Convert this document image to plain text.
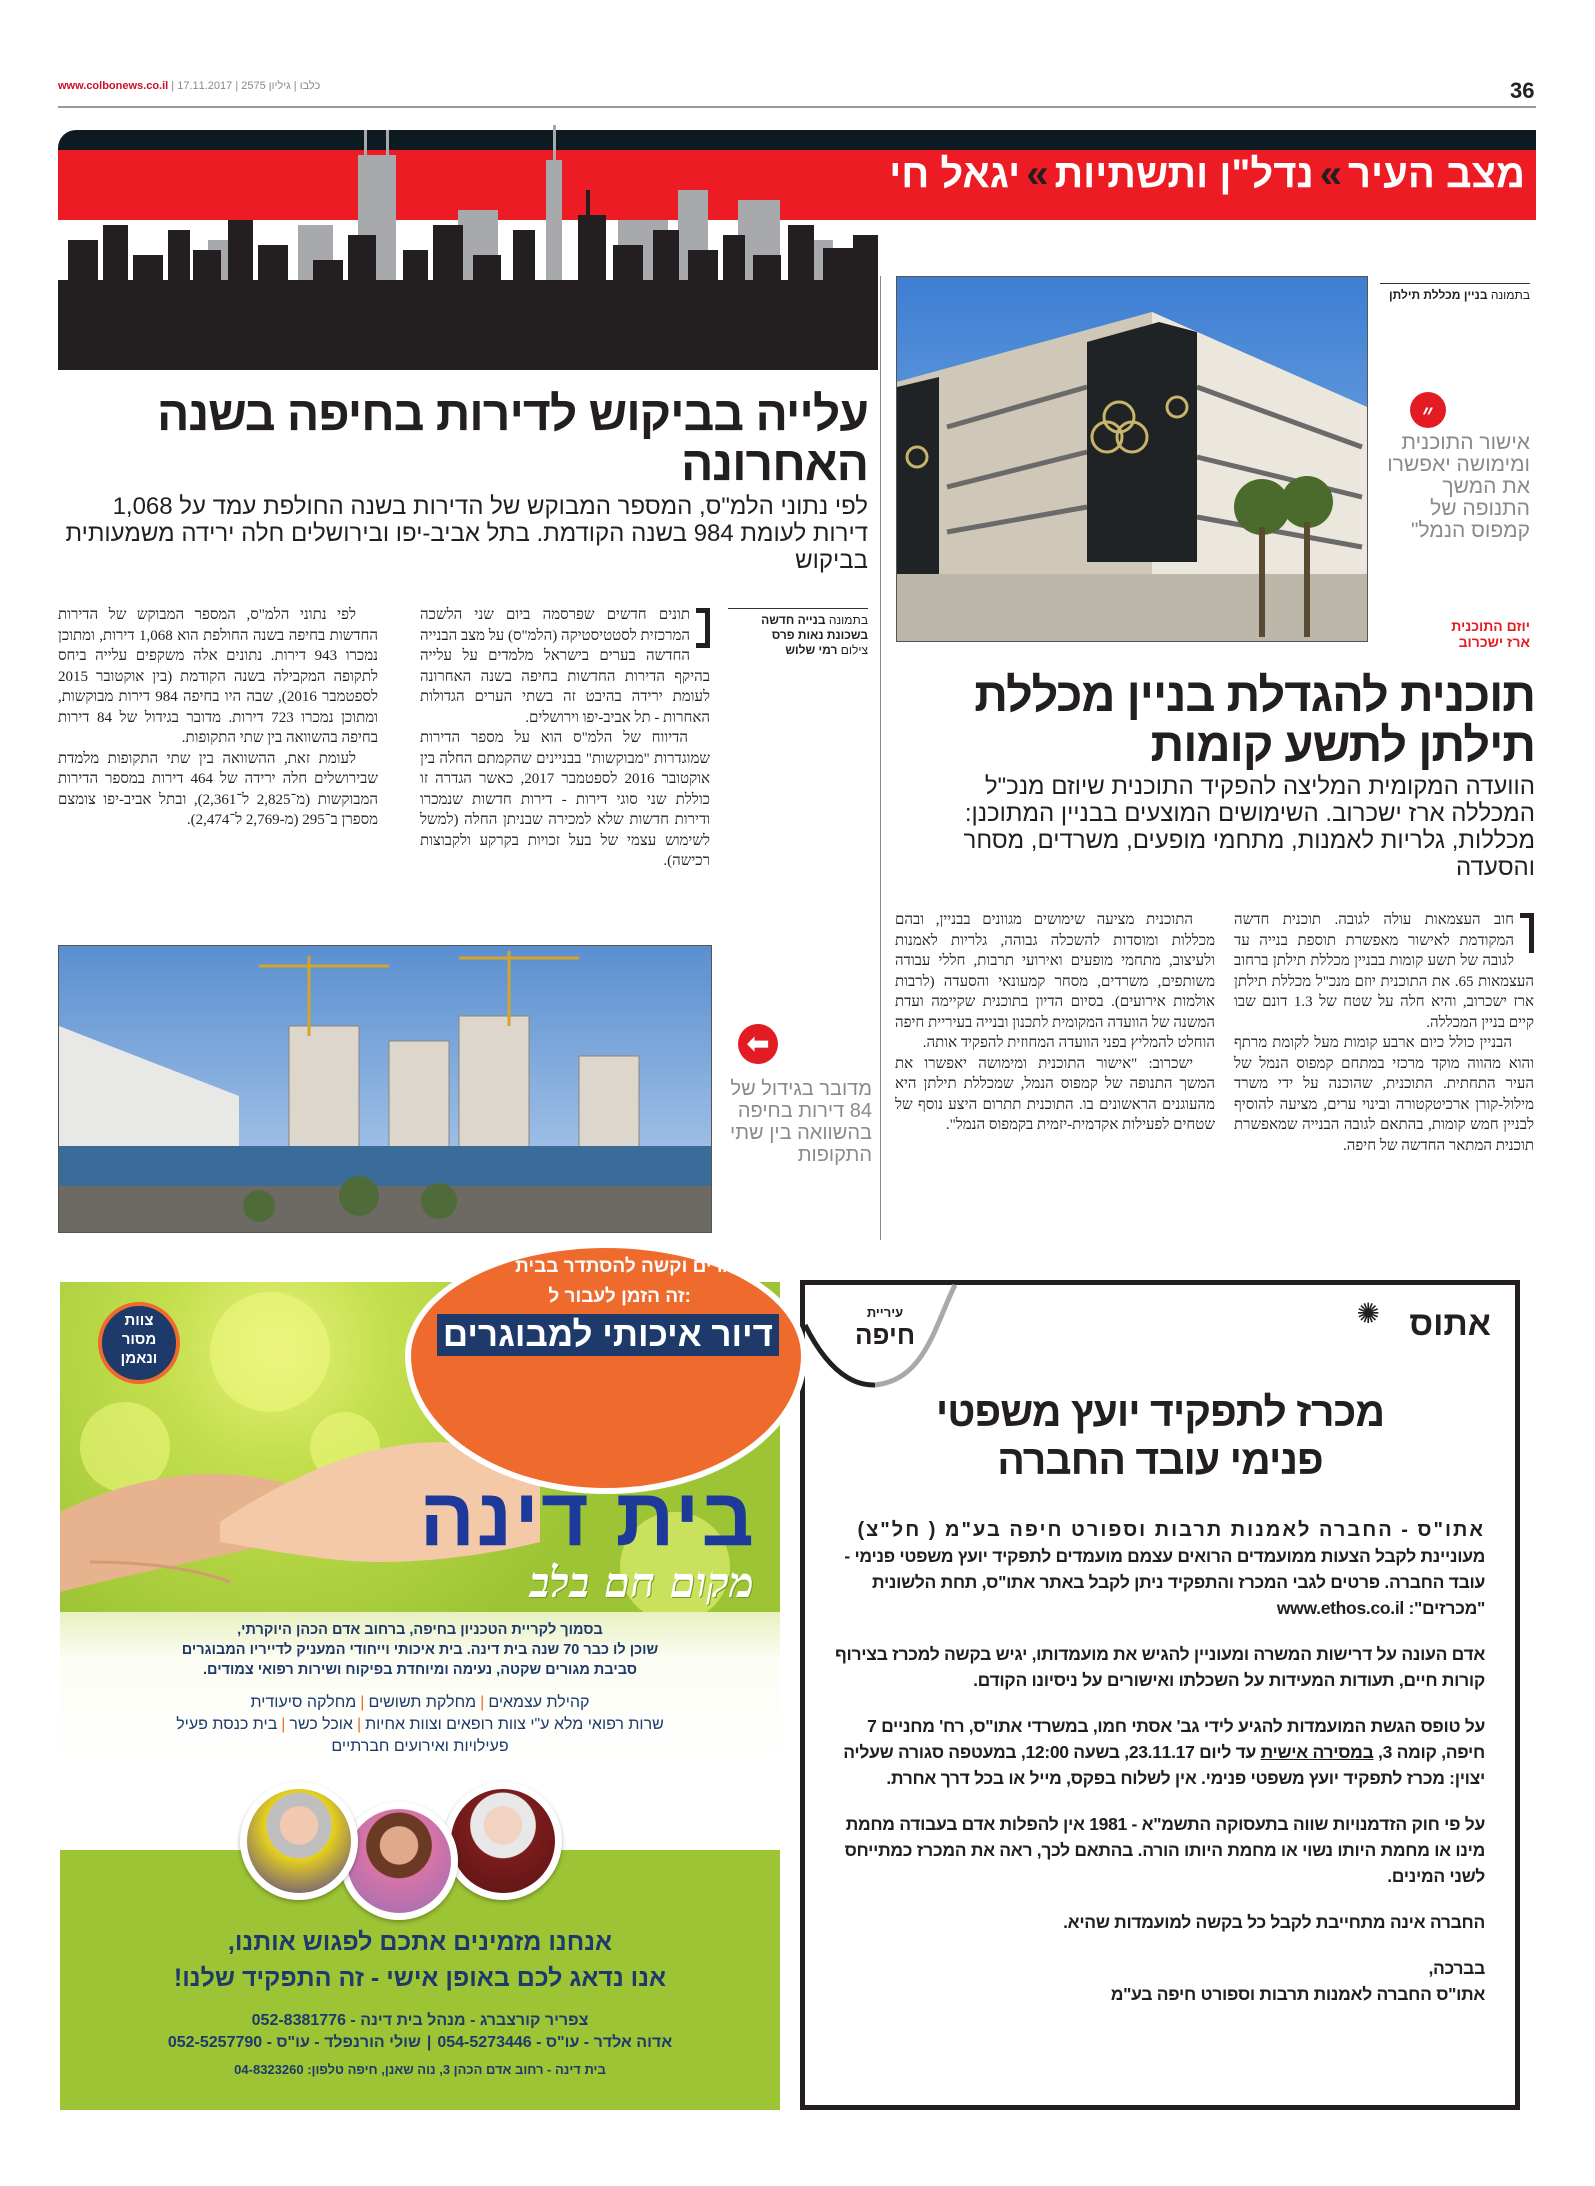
www.colbonews.co.il |	כלבו | גיליון 2575 | 17.11.2017	36
מצב העיר»נדל"ן ותשתיות»יגאל חי
בתמונה בניין מכללת תילתן
״
אישור התוכנית ומימושה יאפשרו את המשך התנופה של קמפוס הנמל"
יוזם התוכנית
ארז ישכרוב
תוכנית להגדלת בניין מכללת תילתן לתשע קומות
הוועדה המקומית המליצה להפקיד התוכנית שיוזם מנכ"ל המכללה ארז ישכרוב. השימושים המוצעים בבניין המתוכנן: מכללות, גלריות לאמנות, מתחמי מופעים, משרדים, מסחר והסעדה

חוב העצמאות עולה לגובה. תוכנית חדשה המקודמת לאישור מאפשרת תוספת בנייה עד לגובה של תשע קומות בבניין מכללת תילתן ברחוב העצמאות 65. את התוכנית יוזם מנכ"ל מכללת תילתן ארז ישכרוב, והיא חלה על שטח של 1.3 דונם שבו קיים בניין המכללה.

הבניין כולל כיום ארבע קומות מעל לקומת מרתף והוא מהווה מוקד מרכזי במתחם קמפוס הנמל של העיר התחתית. התוכנית, שהוכנה על ידי משרד מילול-קורן ארכיטקטורה ובינוי ערים, מציעה להוסיף לבניין חמש קומות, בהתאם לגובה הבנייה שמאפשרת תוכנית המתאר החדשה של חיפה.

התוכנית מציעה שימושים מגוונים בבניין, ובהם מכללות ומוסדות להשכלה גבוהה, גלריות לאמנות ולעיצוב, מתחמי מופעים ואירועי תרבות, חללי עבודה משותפים, משרדים, מסחר קמעונאי והסעדה (לרבות אולמות אירועים). בסיום הדיון בתוכנית שקיימה ועדת המשנה של הוועדה המקומית לתכנון ובנייה בעיריית חיפה הוחלט להמליץ בפני הוועדה המחוזית להפקיד אותה.

ישכרוב: "אישור התוכנית ומימושה יאפשרו את המשך התנופה של קמפוס הנמל, שמכללת תילתן היא מהעוגנים הראשונים בו. התוכנית תתרום היצע נוסף של שטחים לפעילות אקדמית-יזמית בקמפוס הנמל".

עלייה בביקוש לדירות בחיפה בשנה האחרונה
לפי נתוני הלמ"ס, המספר המבוקש של הדירות בשנה החולפת עמד על 1,068 דירות לעומת 984 בשנה הקודמת. בתל אביב-יפו ובירושלים חלה ירידה משמעותית בביקוש
בתמונה בנייה חדשה בשכונת נאות פרס
צילום רמי שלוש

תונים חדשים שפרסמה ביום שני הלשכה המרכזית לסטטיסטיקה (הלמ"ס) על מצב הבנייה החדשה בערים בישראל מלמדים על עלייה בהיקף הדירות החדשות בחיפה בשנה האחרונה לעומת ירידה בהיבט זה בשתי הערים הגדולות האחרות - תל אביב-יפו וירושלים.

הדיווח של הלמ"ס הוא על מספר הדירות שמוגדרות "מבוקשות" בבניינים שהקמתם החלה בין אוקטובר 2016 לספטמבר 2017, כאשר הגדרה זו כוללת שני סוגי דירות - דירות חדשות שנמכרו ודירות חדשות שלא למכירה שבניתן החלה (למשל לשימוש עצמי של בעל זכויות בקרקע ולקבוצות רכישה).

לפי נתוני הלמ"ס, המספר המבוקש של הדירות החדשות בחיפה בשנה החולפת הוא 1,068 דירות, ומתוכן נמכרו 943 דירות. נתונים אלה משקפים עלייה ביחס לתקופה המקבילה בשנה הקודמת (בין אוקטובר 2015 לספטמבר 2016), שבה היו בחיפה 984 דירות מבוקשות, ומתוכן נמכרו 723 דירות. מדובר בגידול של 84 דירות בחיפה בהשוואה בין שתי התקופות.

לעומת זאת, ההשוואה בין שתי התקופות מלמדת שבירושלים חלה ירידה של 464 דירות במספר הדירות המבוקשות (מ־2,825 ל־2,361), ובתל אביב-יפו צומצם מספרן ב־295 (מ-2,769 ל־2,474).

⬅
מדובר בגידול של 84 דירות בחיפה בהשוואה בין שתי התקופות
עיריית
חיפה
✺ אתוס
מכרז לתפקיד יועץ משפטי
פנימי עובד החברה

אתו"ס - החברה לאמנות תרבות וספורט חיפה בע"מ ( חל"צ)

מעוניינת לקבל הצעות ממועמדים הרואים עצמם מועמדים לתפקיד יועץ משפטי פנימי - עובד החברה. פרטים לגבי המכרז והתפקיד ניתן לקבל באתר אתו"ס, תחת הלשונית "מכרזים": www.ethos.co.il

אדם העונה על דרישות המשרה ומעוניין להגיש את מועמדותו, יגיש בקשה למכרז בצירוף קורות חיים, תעודות המעידות על השכלתו ואישורים על ניסיונו הקודם.

על טופס הגשת המועמדות להגיע לידי גב' אסתי חמו, במשרדי אתו"ס, רח' מחניים 7 חיפה, קומה 3, במסירה אישית עד ליום 23.11.17, בשעה 12:00, במעטפה סגורה שעליה יצוין: מכרז לתפקיד יועץ משפטי פנימי. אין לשלוח בפקס, מייל או בכל דרך אחרת.

על פי חוק הזדמנויות שווה בתעסוקה התשמ"א - 1981 אין להפלות אדם בעבודה מחמת מינו או מחמת היותו נשוי או מחמת היותו הורה. בהתאם לכך, ראה את המכרז כמתייחס לשני המינים.

החברה אינה מתחייבת לקבל כל בקשה למועמדות שהיא.

בברכה,
אתו"ס החברה לאמנות תרבות וספורט חיפה בע"מ
צוות
מסור
ונאמן
מבוגרים וקשה להסתדר בבית?
זה הזמן לעבור ל:
דיור איכותי למבוגרים
בית דינה
מקום חם בלב
בסמוך לקריית הטכניון בחיפה, ברחוב אדם הכהן היוקרתי,
שוכן לו כבר 70 שנה בית דינה. בית איכותי וייחודי המעניק לדייריו המבוגרים
סביבת מגורים שקטה, נעימה ומיוחדת בפיקוח ושירות רפואי צמודים.
קהילת עצמאים|מחלקת תשושים|מחלקה סיעודית
שרות רפואי מלא ע"י צוות רופאים וצוות אחיות|אוכל כשר|בית כנסת פעיל
פעילויות ואירועים חברתיים
אנחנו מזמינים אתכם לפגוש אותנו,
אנו נדאג לכם באופן אישי - זה התפקיד שלנו!
צפריר קורצברג - מנהל בית דינה - 052-8381776
אדוה אלדר - עו"ס - 054-5273446|שולי הורנפלד - עו"ס - 052-5257790
בית דינה - רחוב אדם הכהן 3, נוה שאנן, חיפה טלפון: 04-8323260
